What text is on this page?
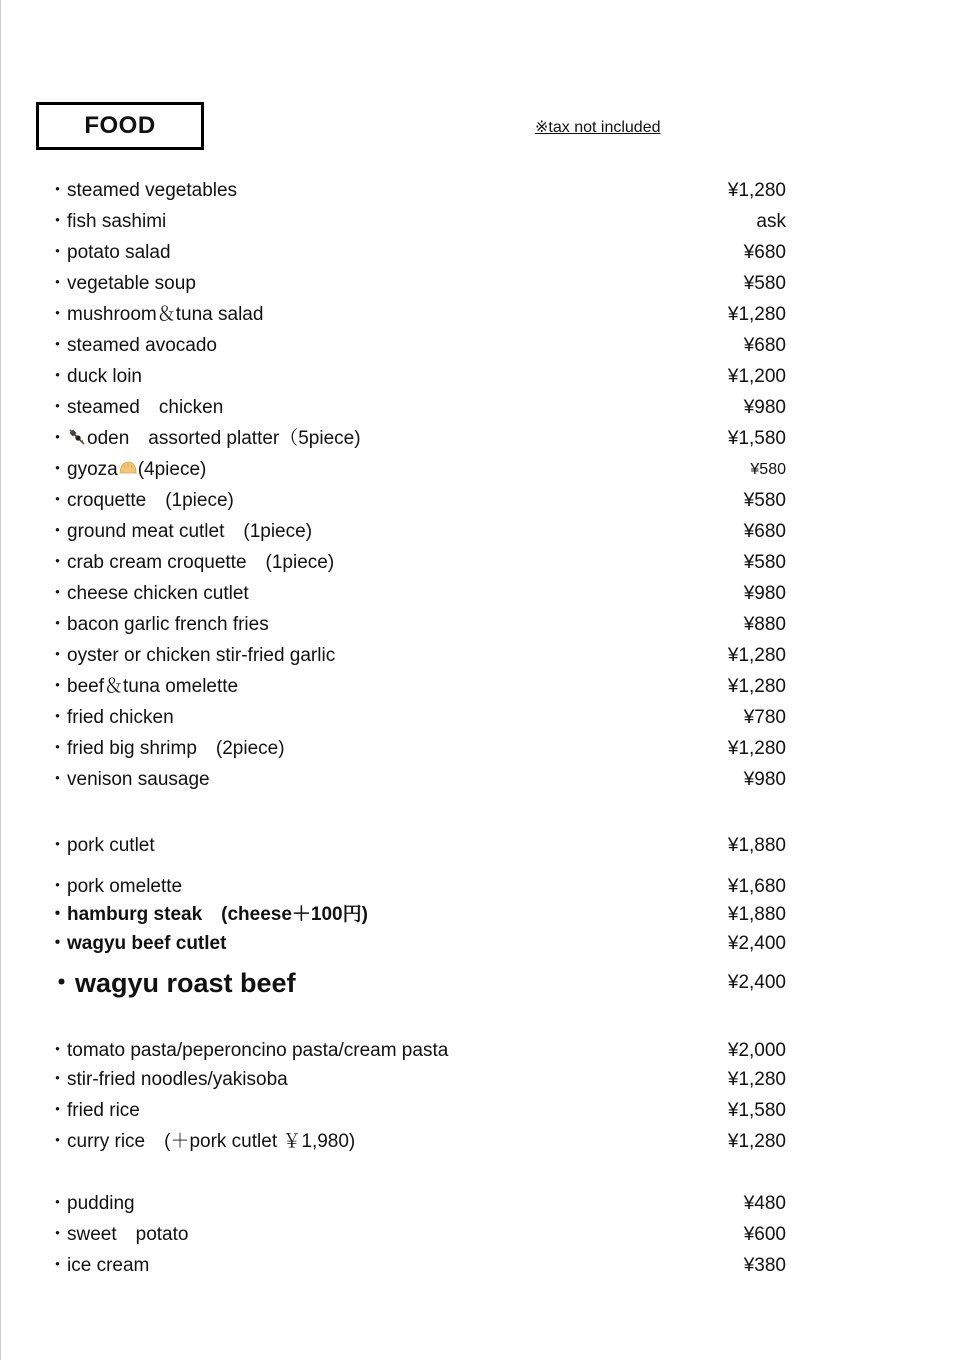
FOOD	※tax not included
・steamed vegetables	¥1,280
・fish sashimi	ask
・potato salad	¥680
・vegetable soup	¥580
・mushroom＆tuna salad	¥1,280
・steamed avocado	¥680
・duck loin	¥1,200
・steamed　chicken	¥980
・ oden　assorted platter（5piece)	¥1,580
・gyoza (4piece)	¥580
・croquette　(1piece)	¥580
・ground meat cutlet　(1piece)	¥680
・crab cream croquette　(1piece)	¥580
・cheese chicken cutlet	¥980
・bacon garlic french fries	¥880
・oyster or chicken stir-fried garlic	¥1,280
・beef＆tuna omelette	¥1,280
・fried chicken	¥780
・fried big shrimp　(2piece)	¥1,280
・venison sausage	¥980
・pork cutlet	¥1,880
・pork omelette	¥1,680
・hamburg steak　(cheese＋100円)	¥1,880
・wagyu beef cutlet	¥2,400
・wagyu roast beef	¥2,400
・tomato pasta/peperoncino pasta/cream pasta	¥2,000
・stir-fried noodles/yakisoba	¥1,280
・fried rice	¥1,580
・curry rice　(＋pork cutlet ￥1,980)	¥1,280
・pudding	¥480
・sweet　potato	¥600
・ice cream	¥380
